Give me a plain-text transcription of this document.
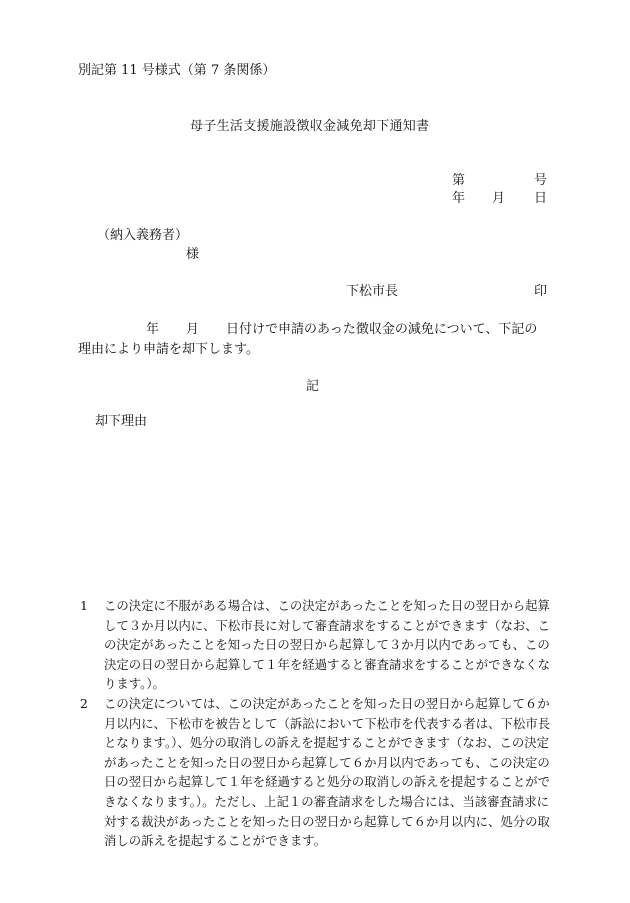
別記第 11 号様式（第 7 条関係）
母子生活支援施設徴収金減免却下通知書
第	号
年 月 日
（納入義務者）
様
下松市長	印
年 月 日付けで申請のあった徴収金の減免について、下記の
理由により申請を却下します。
記
却下理由
1	この決定に不服がある場合は、この決定があったことを知った日の翌日から起算して３か月以内に、下松市長に対して審査請求をすることができます（なお、この決定があったことを知った日の翌日から起算して３か月以内であっても、この決定の日の翌日から起算して１年を経過すると審査請求をすることができなくなります。）。
2	この決定については、この決定があったことを知った日の翌日から起算して６か月以内に、下松市を被告として（訴訟において下松市を代表する者は、下松市長となります。）、処分の取消しの訴えを提起することができます（なお、この決定があったことを知った日の翌日から起算して６か月以内であっても、この決定の日の翌日から起算して１年を経過すると処分の取消しの訴えを提起することができなくなります。）。ただし、上記１の審査請求をした場合には、当該審査請求に対する裁決があったことを知った日の翌日から起算して６か月以内に、処分の取消しの訴えを提起することができます。
